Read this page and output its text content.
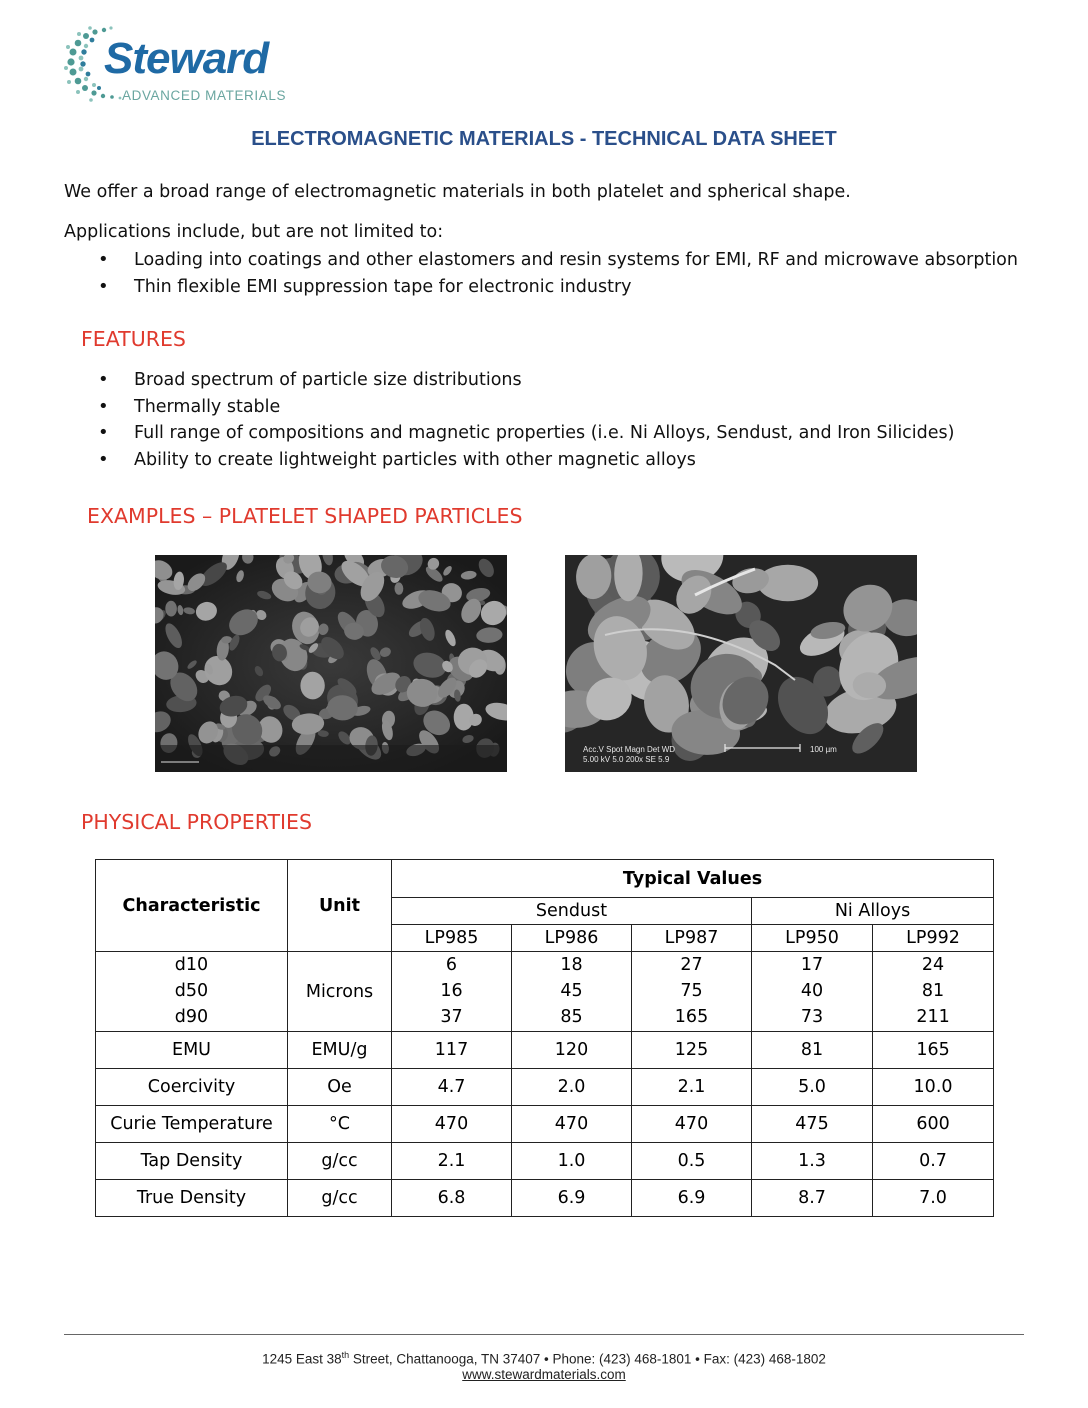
Steward
ADVANCED MATERIALS
ELECTROMAGNETIC MATERIALS - TECHNICAL DATA SHEET
We offer a broad range of electromagnetic materials in both platelet and spherical shape.
Applications include, but are not limited to:
• Loading into coatings and other elastomers and resin systems for EMI, RF and microwave absorption
• Thin flexible EMI suppression tape for electronic industry
FEATURES
• Broad spectrum of particle size distributions
• Thermally stable
• Full range of compositions and magnetic properties (i.e. Ni Alloys, Sendust, and Iron Silicides)
• Ability to create lightweight particles with other magnetic alloys
EXAMPLES – PLATELET SHAPED PARTICLES
Acc.V Spot Magn Det WD
5.00 kV 5.0 200x SE 5.9
100 µm
PHYSICAL PROPERTIES
Characteristic	Unit	Typical Values				
		Sendust			Ni Alloys	
		LP985	LP986	LP987	LP950	LP992
d10	Microns	6	18	27	17	24
d50		16	45	75	40	81
d90		37	85	165	73	211
EMU	EMU/g	117	120	125	81	165
Coercivity	Oe	4.7	2.0	2.1	5.0	10.0
Curie Temperature	°C	470	470	470	475	600
Tap Density	g/cc	2.1	1.0	0.5	1.3	0.7
True Density	g/cc	6.8	6.9	6.9	8.7	7.0
1245 East 38th Street, Chattanooga, TN 37407 • Phone: (423) 468-1801 • Fax: (423) 468-1802
www.stewardmaterials.com
